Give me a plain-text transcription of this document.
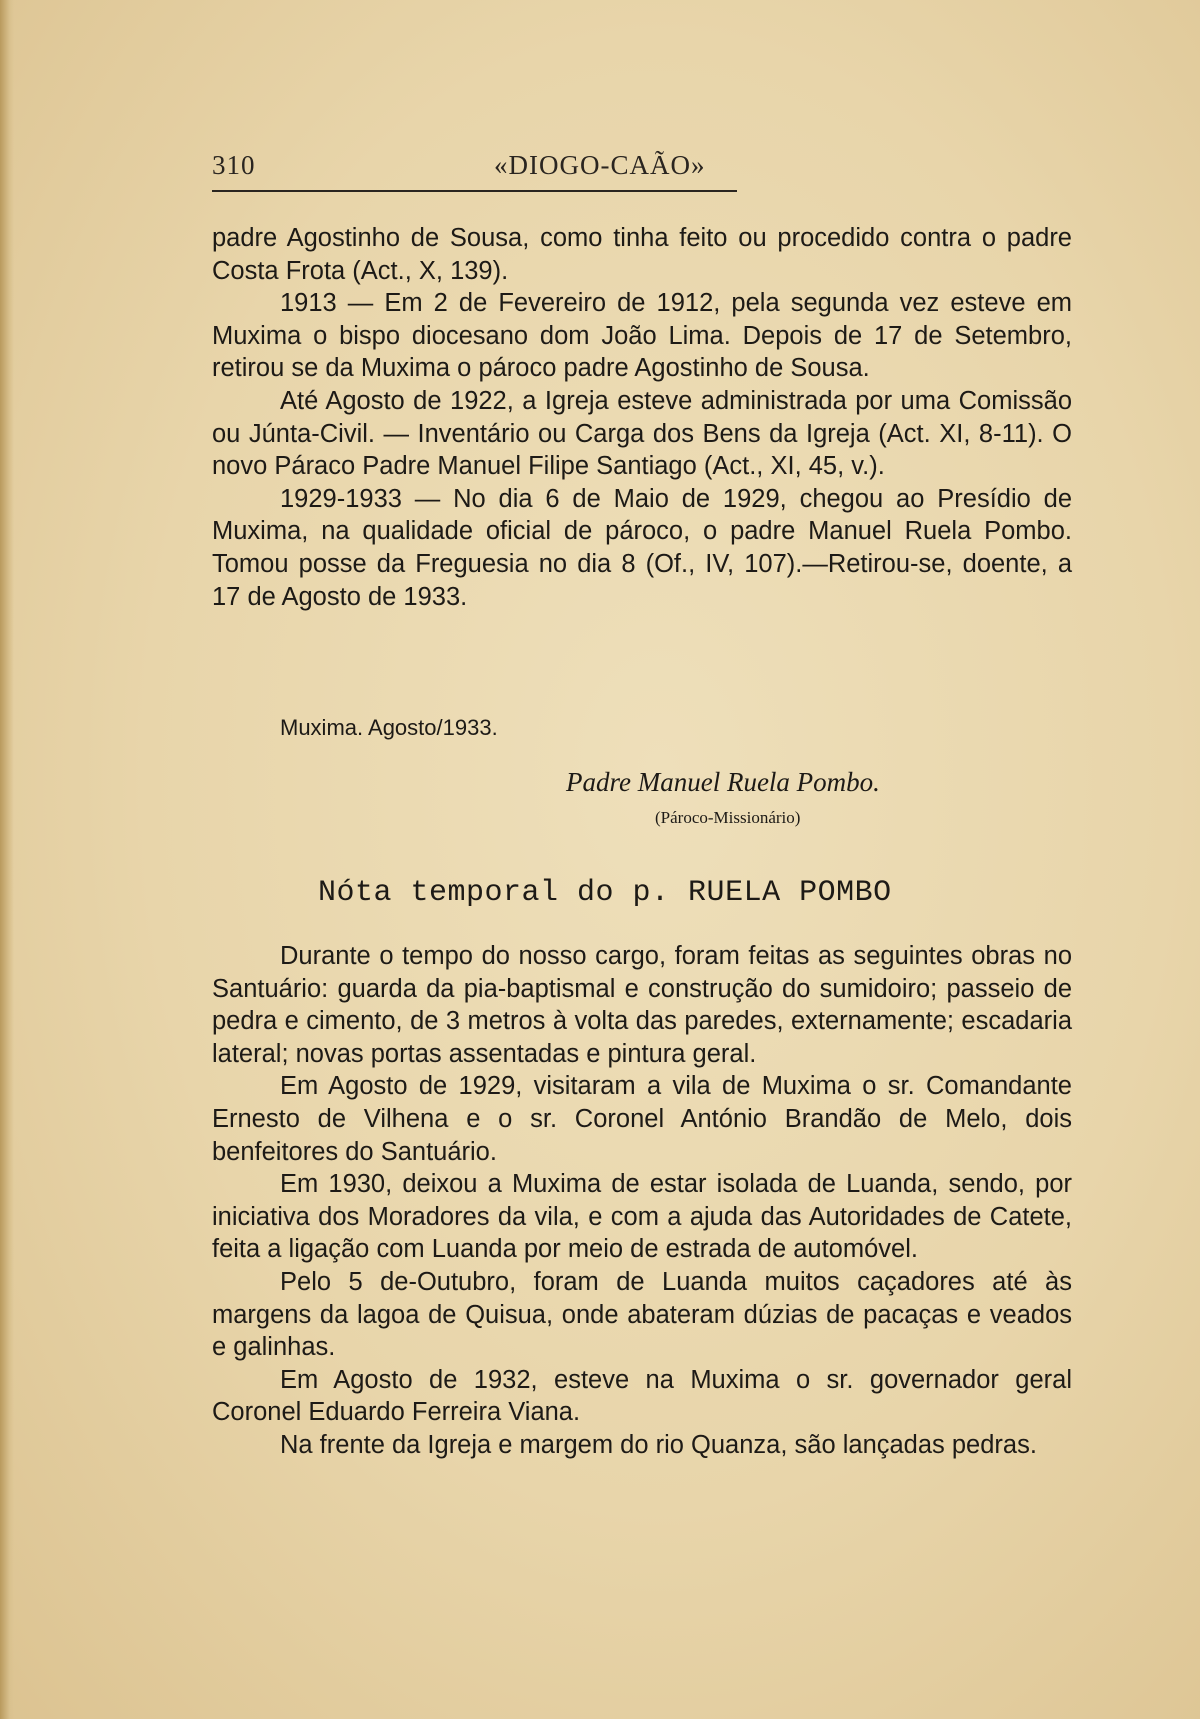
310	«DIOGO-CAÃO»

padre Agostinho de Sousa, como tinha feito ou procedido contra o padre Costa Frota (Act., X, 139).

1913 — Em 2 de Fevereiro de 1912, pela segunda vez esteve em Muxima o bispo diocesano dom João Lima. Depois de 17 de Setembro, retirou se da Muxima o pároco padre Agostinho de Sousa.

Até Agosto de 1922, a Igreja esteve administrada por uma Comissão ou Júnta-Civil. — Inventário ou Carga dos Bens da Igreja (Act. XI, 8-11). O novo Páraco Padre Manuel Filipe Santiago (Act., XI, 45, v.).

1929-1933 — No dia 6 de Maio de 1929, chegou ao Presídio de Muxima, na qualidade oficial de pároco, o padre Manuel Ruela Pombo. Tomou posse da Freguesia no dia 8 (Of., IV, 107).—Retirou-se, doente, a 17 de Agosto de 1933.

Muxima. Agosto/1933.
Padre Manuel Ruela Pombo.
(Pároco-Missionário)
Nóta temporal do p. RUELA POMBO

Durante o tempo do nosso cargo, foram feitas as seguintes obras no Santuário: guarda da pia-baptismal e construção do sumidoiro; passeio de pedra e cimento, de 3 metros à volta das paredes, externamente; escadaria lateral; novas portas assentadas e pintura geral.

Em Agosto de 1929, visitaram a vila de Muxima o sr. Comandante Ernesto de Vilhena e o sr. Coronel António Brandão de Melo, dois benfeitores do Santuário.

Em 1930, deixou a Muxima de estar isolada de Luanda, sendo, por iniciativa dos Moradores da vila, e com a ajuda das Autoridades de Catete, feita a ligação com Luanda por meio de estrada de automóvel.

Pelo 5 de-Outubro, foram de Luanda muitos caçadores até às margens da lagoa de Quisua, onde abateram dúzias de pacaças e veados e galinhas.

Em Agosto de 1932, esteve na Muxima o sr. governador geral Coronel Eduardo Ferreira Viana.

Na frente da Igreja e margem do rio Quanza, são lançadas pedras.
